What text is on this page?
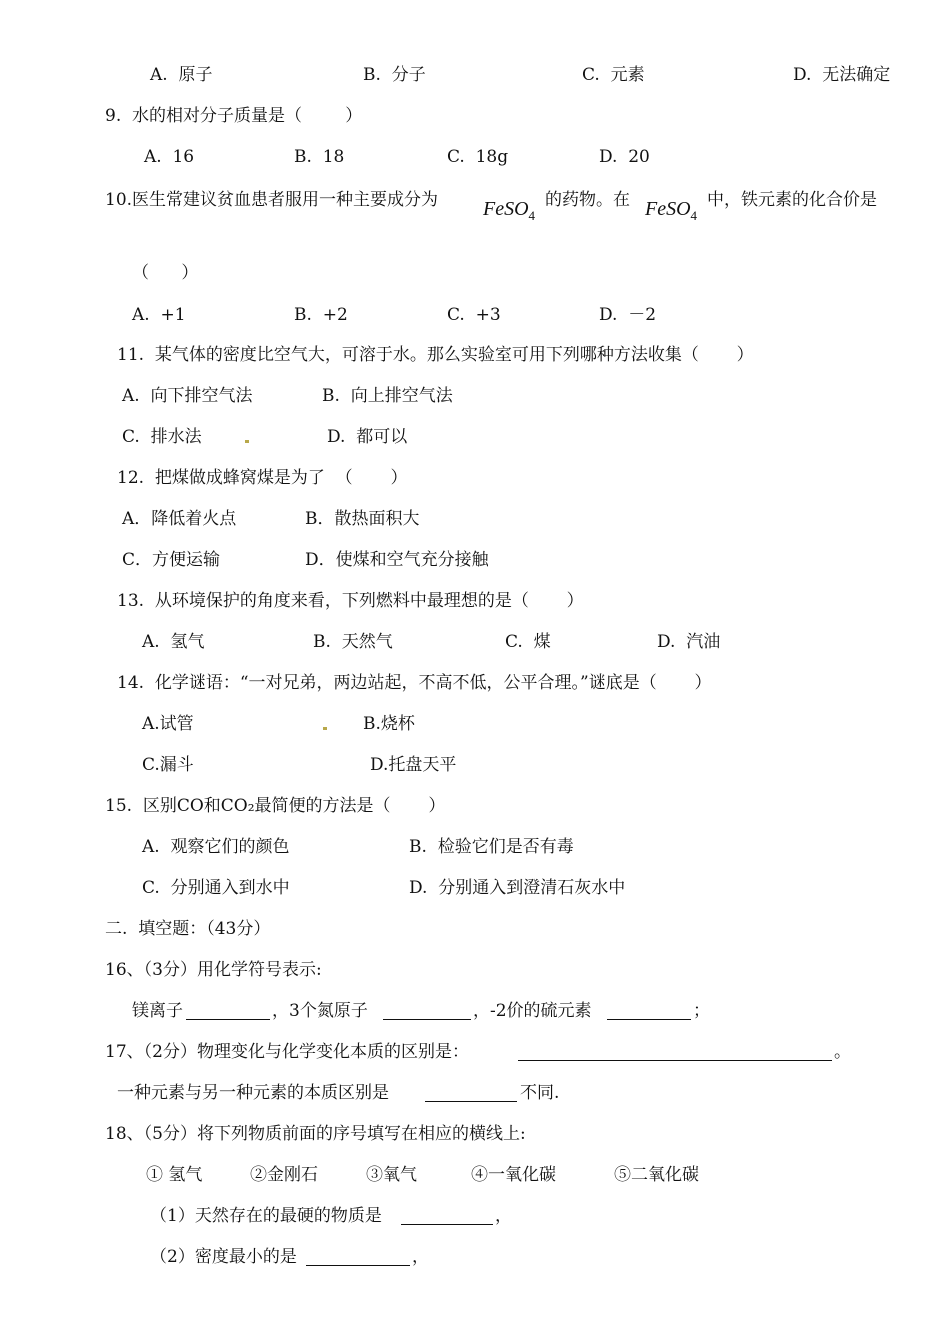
A.  原子	B.  分子	C.  元素	D.  无法确定
9.  水的相对分子质量是（        ）
A.  16	B.  18	C.  18g	D.  20
10.医生常建议贫血患者服用一种主要成分为 FeSO$_4$
的药物。在 FeSO$_4$
中，铁元素的化合价是
（      ）
A.  +1	B.  +2	C.  +3	D.  －2
11.  某气体的密度比空气大，可溶于水。那么实验室可用下列哪种方法收集（       ）
A.  向下排空气法	B.  向上排空气法
C.  排水法	D.  都可以
12.  把煤做成蜂窝煤是为了  （       ）
A．降低着火点	B．散热面积大
C．方便运输	D．使煤和空气充分接触
13.  从环境保护的角度来看，下列燃料中最理想的是（       ）
A.  氢气	B.  天然气	C.  煤	D.  汽油
14.  化学谜语：“一对兄弟，两边站起，不高不低，公平合理。”谜底是（       ）
A.试管	B.烧杯
C.漏斗	D.托盘天平
15.  区别CO和CO₂最简便的方法是（       ）
A.  观察它们的颜色	B.  检验它们是否有毒
C.  分别通入到水中	D.  分别通入到澄清石灰水中
二.  填空题：（43分）
16、（3分）用化学符号表示:
镁离子	，3个氮原子	，-2价的硫元素	；
17、（2分）物理变化与化学变化本质的区别是：	。
一种元素与另一种元素的本质区别是	不同.
18、（5分）将下列物质前面的序号填写在相应的横线上:
① 氢气	②金刚石	③氧气	④一氧化碳	⑤二氧化碳
（1）天然存在的最硬的物质是	，
（2）密度最小的是	，
